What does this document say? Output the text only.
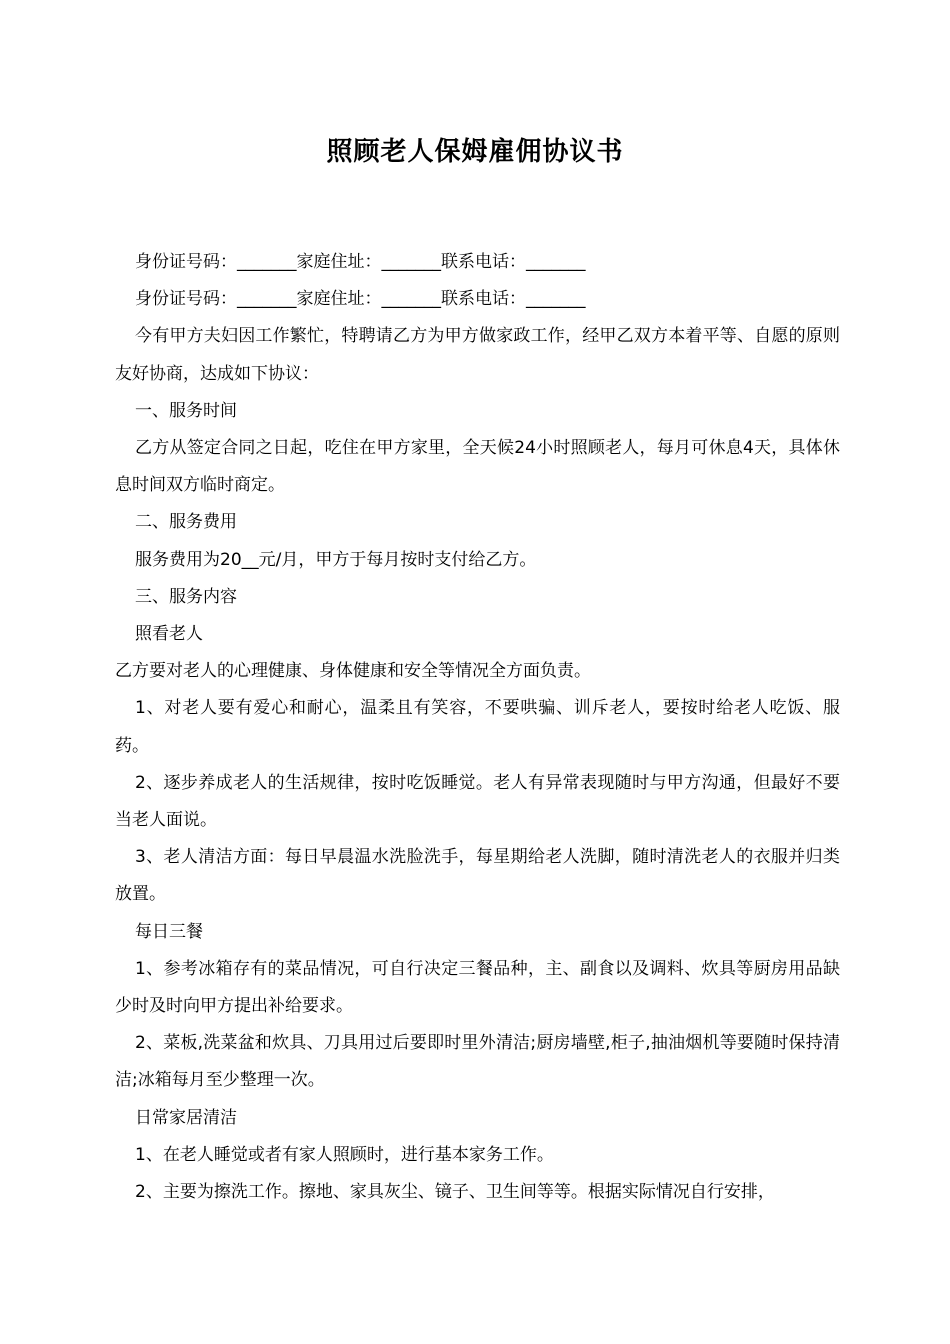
照顾老人保姆雇佣协议书

身份证号码：_______家庭住址：_______联系电话：_______

身份证号码：_______家庭住址：_______联系电话：_______

今有甲方夫妇因工作繁忙，特聘请乙方为甲方做家政工作，经甲乙双方本着平等、自愿的原则友好协商，达成如下协议：

一、服务时间

乙方从签定合同之日起，吃住在甲方家里，全天候24小时照顾老人，每月可休息4天，具体休息时间双方临时商定。

二、服务费用

服务费用为20__元/月，甲方于每月按时支付给乙方。

三、服务内容

照看老人

乙方要对老人的心理健康、身体健康和安全等情况全方面负责。

1、对老人要有爱心和耐心，温柔且有笑容，不要哄骗、训斥老人，要按时给老人吃饭、服药。

2、逐步养成老人的生活规律，按时吃饭睡觉。老人有异常表现随时与甲方沟通，但最好不要当老人面说。

3、老人清洁方面：每日早晨温水洗脸洗手，每星期给老人洗脚，随时清洗老人的衣服并归类放置。

每日三餐

1、参考冰箱存有的菜品情况，可自行决定三餐品种，主、副食以及调料、炊具等厨房用品缺少时及时向甲方提出补给要求。

2、菜板,洗菜盆和炊具、刀具用过后要即时里外清洁;厨房墙壁,柜子,抽油烟机等要随时保持清洁;冰箱每月至少整理一次。

日常家居清洁

1、在老人睡觉或者有家人照顾时，进行基本家务工作。

2、主要为擦洗工作。擦地、家具灰尘、镜子、卫生间等等。根据实际情况自行安排，
